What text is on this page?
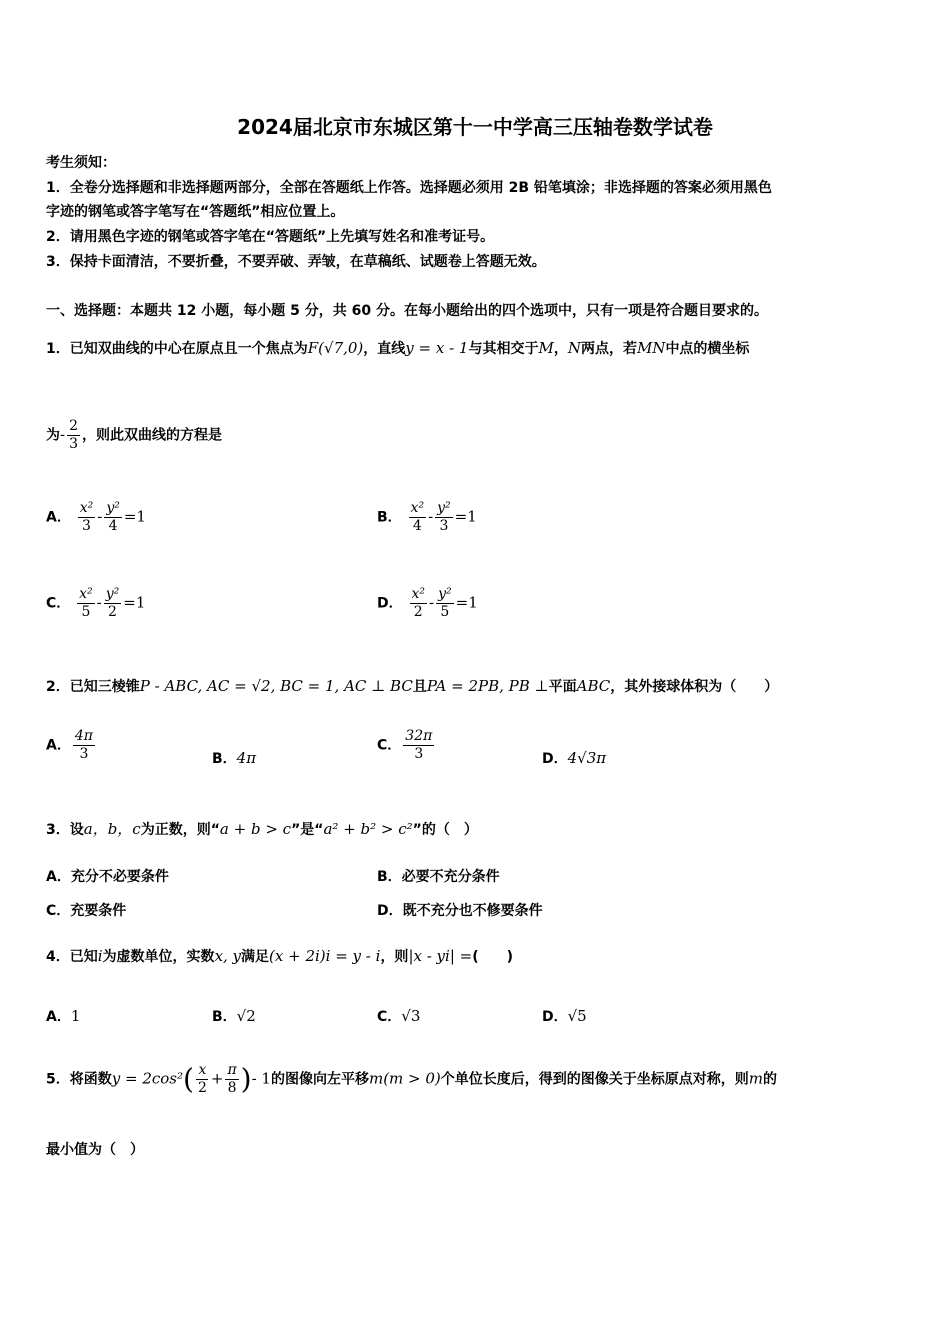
2024届北京市东城区第十一中学高三压轴卷数学试卷
考生须知：
1．全卷分选择题和非选择题两部分，全部在答题纸上作答。选择题必须用 2B 铅笔填涂；非选择题的答案必须用黑色
字迹的钢笔或答字笔写在“答题纸”相应位置上。
2．请用黑色字迹的钢笔或答字笔在“答题纸”上先填写姓名和准考证号。
3．保持卡面清洁，不要折叠，不要弄破、弄皱，在草稿纸、试题卷上答题无效。
一、选择题：本题共 12 小题，每小题 5 分，共 60 分。在每小题给出的四个选项中，只有一项是符合题目要求的。
1．已知双曲线的中心在原点且一个焦点为F(√7,0)，直线y = x - 1与其相交于M，N两点，若MN中点的横坐标
为- $\frac{2}{3}$ ，则此双曲线的方程是
A． $\frac{\text{x²}}{3} - \frac{\text{y²}}{4} =1$	B． $\frac{\text{x²}}{4} - \frac{\text{y²}}{3} =1$
C． $\frac{\text{x²}}{5} - \frac{\text{y²}}{2} =1$	D． $\frac{\text{x²}}{2} - \frac{\text{y²}}{5} =1$
2．已知三棱锥P - ABC, AC = √2, BC = 1, AC ⊥ BC且PA = 2PB, PB ⊥平面ABC，其外接球体积为（　　）
A． $\frac{4\pi}{3}$	B．4π
C． $\frac{32\pi}{3}$	D．4√3π
3．设a，b，c为正数，则“a + b > c”是“a² + b² > c²”的（　）
A．充分不必要条件	B．必要不充分条件
C．充要条件	D．既不充分也不修要条件
4．已知i为虚数单位，实数x, y满足(x + 2i)i = y - i，则|x - yi| =(　　)
A．1	B．√2	C．√3	D．√5
5．将函数$y = 2\cos^2( \frac{x}{2} + \frac{\pi}{8}$ )- 1的图像向左平移m(m > 0)个单位长度后，得到的图像关于坐标原点对称，则m的
最小值为（　）
